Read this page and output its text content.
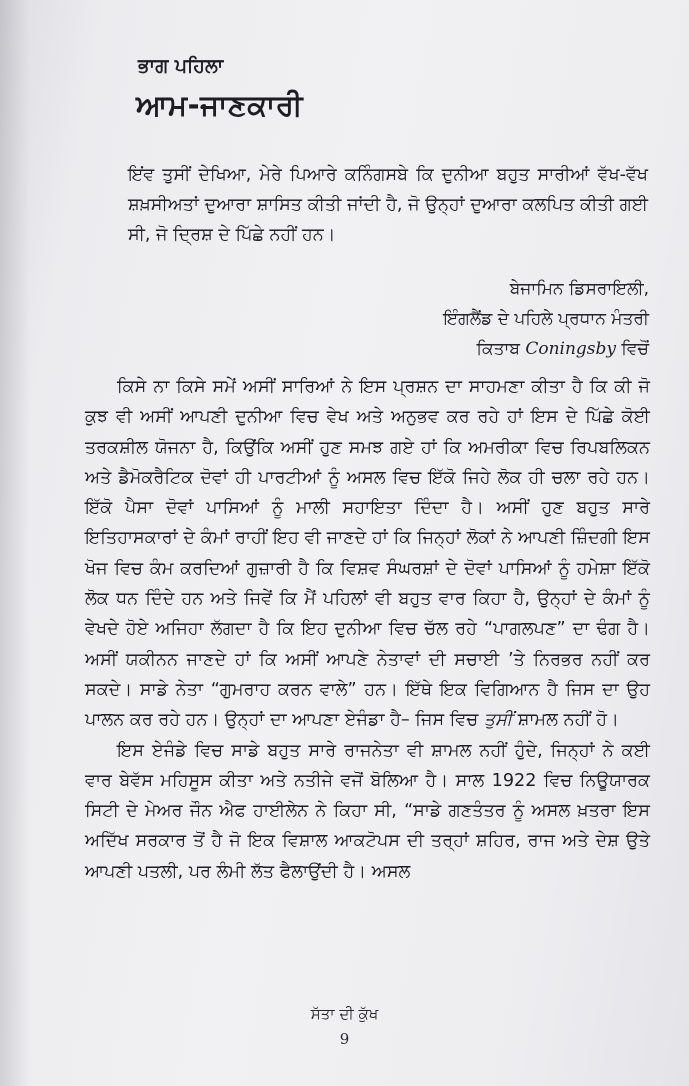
ਭਾਗ ਪਹਿਲਾ
ਆਮ-ਜਾਣਕਾਰੀ
ਇਂਵ ਤੁਸੀਂ ਦੇਖਿਆ, ਮੇਰੇ ਪਿਆਰੇ ਕਨਿੰਗਸਬੇ ਕਿ ਦੁਨੀਆ ਬਹੁਤ ਸਾਰੀਆਂ ਵੱਖ-ਵੱਖ ਸ਼ਖ਼ਸੀਅਤਾਂ ਦੁਆਰਾ ਸ਼ਾਸਿਤ ਕੀਤੀ ਜਾਂਦੀ ਹੈ, ਜੋ ਉਨ੍ਹਾਂ ਦੁਆਰਾ ਕਲਪਿਤ ਕੀਤੀ ਗਈ ਸੀ, ਜੋ ਦ੍ਰਿਸ਼ ਦੇ ਪਿੱਛੇ ਨਹੀਂ ਹਨ।
ਬੇਜਾਮਿਨ ਡਿਸਰਾਇਲੀ,
ਇੰਗਲੈਂਡ ਦੇ ਪਹਿਲੇ ਪ੍ਰਧਾਨ ਮੰਤਰੀ
ਕਿਤਾਬ Coningsby ਵਿਚੋਂ

ਕਿਸੇ ਨਾ ਕਿਸੇ ਸਮੇਂ ਅਸੀਂ ਸਾਰਿਆਂ ਨੇ ਇਸ ਪ੍ਰਸ਼ਨ ਦਾ ਸਾਹਮਣਾ ਕੀਤਾ ਹੈ ਕਿ ਕੀ ਜੋ ਕੁਝ ਵੀ ਅਸੀਂ ਆਪਣੀ ਦੁਨੀਆ ਵਿਚ ਵੇਖ ਅਤੇ ਅਨੁਭਵ ਕਰ ਰਹੇ ਹਾਂ ਇਸ ਦੇ ਪਿੱਛੇ ਕੋਈ ਤਰਕਸ਼ੀਲ ਯੋਜਨਾ ਹੈ, ਕਿਉਂਕਿ ਅਸੀਂ ਹੁਣ ਸਮਝ ਗਏ ਹਾਂ ਕਿ ਅਮਰੀਕਾ ਵਿਚ ਰਿਪਬਲਿਕਨ ਅਤੇ ਡੈਮੋਕਰੈਟਿਕ ਦੋਵਾਂ ਹੀ ਪਾਰਟੀਆਂ ਨੂੰ ਅਸਲ ਵਿਚ ਇੱਕੋ ਜਿਹੇ ਲੋਕ ਹੀ ਚਲਾ ਰਹੇ ਹਨ। ਇੱਕੋ ਪੈਸਾ ਦੋਵਾਂ ਪਾਸਿਆਂ ਨੂੰ ਮਾਲੀ ਸਹਾਇਤਾ ਦਿੰਦਾ ਹੈ। ਅਸੀਂ ਹੁਣ ਬਹੁਤ ਸਾਰੇ ਇਤਿਹਾਸਕਾਰਾਂ ਦੇ ਕੰਮਾਂ ਰਾਹੀਂ ਇਹ ਵੀ ਜਾਣਦੇ ਹਾਂ ਕਿ ਜਿਨ੍ਹਾਂ ਲੋਕਾਂ ਨੇ ਆਪਣੀ ਜ਼ਿੰਦਗੀ ਇਸ ਖੋਜ ਵਿਚ ਕੰਮ ਕਰਦਿਆਂ ਗੁਜ਼ਾਰੀ ਹੈ ਕਿ ਵਿਸ਼ਵ ਸੰਘਰਸ਼ਾਂ ਦੇ ਦੋਵਾਂ ਪਾਸਿਆਂ ਨੂੰ ਹਮੇਸ਼ਾ ਇੱਕੋ ਲੋਕ ਧਨ ਦਿੰਦੇ ਹਨ ਅਤੇ ਜਿਵੇਂ ਕਿ ਮੈਂ ਪਹਿਲਾਂ ਵੀ ਬਹੁਤ ਵਾਰ ਕਿਹਾ ਹੈ, ਉਨ੍ਹਾਂ ਦੇ ਕੰਮਾਂ ਨੂੰ ਵੇਖਦੇ ਹੋਏ ਅਜਿਹਾ ਲੱਗਦਾ ਹੈ ਕਿ ਇਹ ਦੁਨੀਆ ਵਿਚ ਚੱਲ ਰਹੇ “ਪਾਗਲਪਣ” ਦਾ ਢੰਗ ਹੈ। ਅਸੀਂ ਯਕੀਨਨ ਜਾਣਦੇ ਹਾਂ ਕਿ ਅਸੀਂ ਆਪਣੇ ਨੇਤਾਵਾਂ ਦੀ ਸਚਾਈ ’ਤੇ ਨਿਰਭਰ ਨਹੀਂ ਕਰ ਸਕਦੇ। ਸਾਡੇ ਨੇਤਾ “ਗੁਮਰਾਹ ਕਰਨ ਵਾਲੇ” ਹਨ। ਇੱਥੇ ਇਕ ਵਿਗਿਆਨ ਹੈ ਜਿਸ ਦਾ ਉਹ ਪਾਲਨ ਕਰ ਰਹੇ ਹਨ। ਉਨ੍ਹਾਂ ਦਾ ਆਪਣਾ ਏਜੰਡਾ ਹੈ– ਜਿਸ ਵਿਚ ਤੁਸੀਂ ਸ਼ਾਮਲ ਨਹੀਂ ਹੋ।

ਇਸ ਏਜੰਡੇ ਵਿਚ ਸਾਡੇ ਬਹੁਤ ਸਾਰੇ ਰਾਜਨੇਤਾ ਵੀ ਸ਼ਾਮਲ ਨਹੀਂ ਹੁੰਦੇ, ਜਿਨ੍ਹਾਂ ਨੇ ਕਈ ਵਾਰ ਬੇਵੱਸ ਮਹਿਸੂਸ ਕੀਤਾ ਅਤੇ ਨਤੀਜੇ ਵਜੋਂ ਬੋਲਿਆ ਹੈ। ਸਾਲ 1922 ਵਿਚ ਨਿਊਯਾਰਕ ਸਿਟੀ ਦੇ ਮੇਅਰ ਜੌਨ ਐਫ ਹਾਈਲੇਨ ਨੇ ਕਿਹਾ ਸੀ, “ਸਾਡੇ ਗਣਤੰਤਰ ਨੂੰ ਅਸਲ ਖ਼ਤਰਾ ਇਸ ਅਦਿੱਖ ਸਰਕਾਰ ਤੋਂ ਹੈ ਜੋ ਇਕ ਵਿਸ਼ਾਲ ਆਕਟੋਪਸ ਦੀ ਤਰ੍ਹਾਂ ਸ਼ਹਿਰ, ਰਾਜ ਅਤੇ ਦੇਸ਼ ਉਤੇ ਆਪਣੀ ਪਤਲੀ, ਪਰ ਲੰਮੀ ਲੱਤ ਫੈਲਾਉਂਦੀ ਹੈ। ਅਸਲ

ਸੱਤਾ ਦੀ ਕੁੱਖ
9
